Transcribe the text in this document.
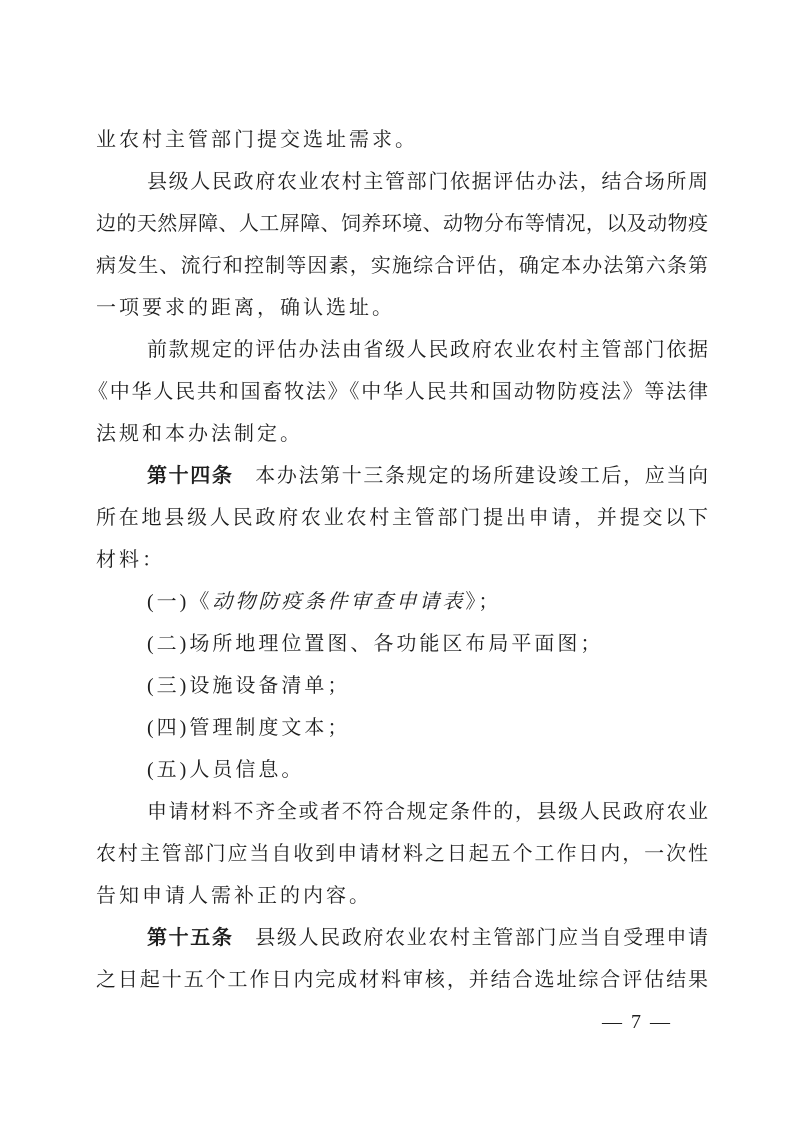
业农村主管部门提交选址需求。
县级人民政府农业农村主管部门依据评估办法，结合场所周
边的天然屏障、人工屏障、饲养环境、动物分布等情况，以及动物疫
病发生、流行和控制等因素，实施综合评估，确定本办法第六条第
一项要求的距离，确认选址。
前款规定的评估办法由省级人民政府农业农村主管部门依据
《中华人民共和国畜牧法》《中华人民共和国动物防疫法》等法律
法规和本办法制定。
第十四条　本办法第十三条规定的场所建设竣工后，应当向
所在地县级人民政府农业农村主管部门提出申请，并提交以下
材料：
(一)《动物防疫条件审查申请表》；
(二)场所地理位置图、各功能区布局平面图；
(三)设施设备清单；
(四)管理制度文本；
(五)人员信息。
申请材料不齐全或者不符合规定条件的，县级人民政府农业
农村主管部门应当自收到申请材料之日起五个工作日内，一次性
告知申请人需补正的内容。
第十五条　县级人民政府农业农村主管部门应当自受理申请
之日起十五个工作日内完成材料审核，并结合选址综合评估结果
— 7 —
